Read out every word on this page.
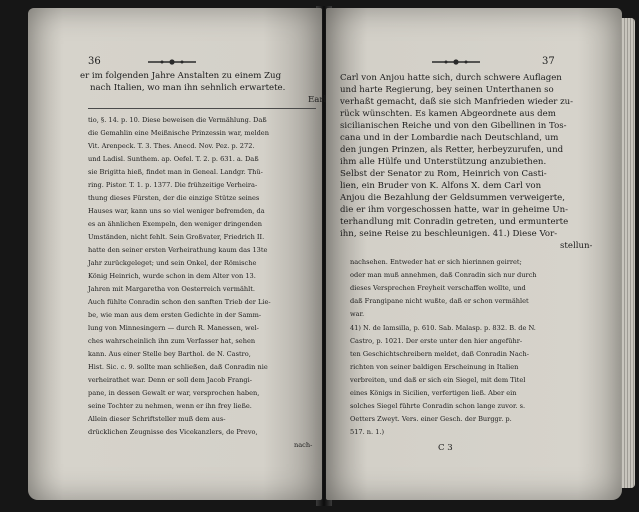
36
er im folgenden Jahre Anstalten zu einem Zug
nach Italien, wo man ihn sehnlich erwartete.
Earl
tio, §. 14. p. 10. Diese beweisen die Vermählung. Daß
die Gemahlin eine Meißnische Prinzessin war, melden
Vit. Arenpeck. T. 3. Thes. Anecd. Nov. Pez. p. 272.
und Ladisl. Sunthem. ap. Oefel. T. 2. p. 631. a. Daß
sie Brigitta hieß, findet man in Geneal. Landgr. Thü-
ring. Pistor. T. 1. p. 1377. Die frühzeitige Verheira-
thung dieses Fürsten, der die einzige Stütze seines
Hauses war, kann uns so viel weniger befremden, da
es an ähnlichen Exempeln, den weniger dringenden
Umständen, nicht fehlt. Sein Großvater, Friedrich II.
hatte den seiner ersten Verheirathung kaum das 13te
Jahr zurückgeleget; und sein Onkel, der Römische
König Heinrich, wurde schon in dem Alter von 13.
Jahren mit Margaretha von Oesterreich vermählt.
Auch fühlte Conradin schon den sanften Trieb der Lie-
be, wie man aus dem ersten Gedichte in der Samm-
lung von Minnesingern — durch R. Manessen, wel-
ches wahrscheinlich ihn zum Verfasser hat, sehen
kann. Aus einer Stelle bey Barthol. de N. Castro,
Hist. Sic. c. 9. sollte man schließen, daß Conradin nie
verheirathet war. Denn er soll dem Jacob Frangi-
pane, in dessen Gewalt er war, versprochen haben,
seine Tochter zu nehmen, wenn er ihn frey ließe.
Allein dieser Schriftsteller muß dem aus-
drücklichen Zeugnisse des Vicekanzlers, de Prevo,
nach-
37
Carl von Anjou hatte sich, durch schwere Auflagen
und harte Regierung, bey seinen Unterthanen so
verhaßt gemacht, daß sie sich Manfrieden wieder zu-
rück wünschten. Es kamen Abgeordnete aus dem
sicilianischen Reiche und von den Gibellinen in Tos-
cana und in der Lombardie nach Deutschland, um
den jungen Prinzen, als Retter, herbeyzurufen, und
ihm alle Hülfe und Unterstützung anzubiethen.
Selbst der Senator zu Rom, Heinrich von Casti-
lien, ein Bruder von K. Alfons X. dem Carl von
Anjou die Bezahlung der Geldsummen verweigerte,
die er ihm vorgeschossen hatte, war in geheime Un-
terhandlung mit Conradin getreten, und ermunterte
ihn, seine Reise zu beschleunigen. 41.) Diese Vor-
stellun-
nachsehen. Entweder hat er sich hierinnen geirret;
oder man muß annehmen, daß Conradin sich nur durch
dieses Versprechen Freyheit verschaffen wollte, und
daß Frangipane nicht wußte, daß er schon vermählet
war.
41) N. de Iamsilla, p. 610. Sab. Malasp. p. 832. B. de N.
Castro, p. 1021. Der erste unter den hier angeführ-
ten Geschichtschreibern meldet, daß Conradin Nach-
richten von seiner baldigen Erscheinung in Italien
verbreiten, und daß er sich ein Siegel, mit dem Titel
eines Königs in Sicilien, verfertigen ließ. Aber ein
solches Siegel führte Conradin schon lange zuvor. s.
Oetters Zweyt. Vers. einer Gesch. der Burggr. p.
517. n. 1.)
C 3
